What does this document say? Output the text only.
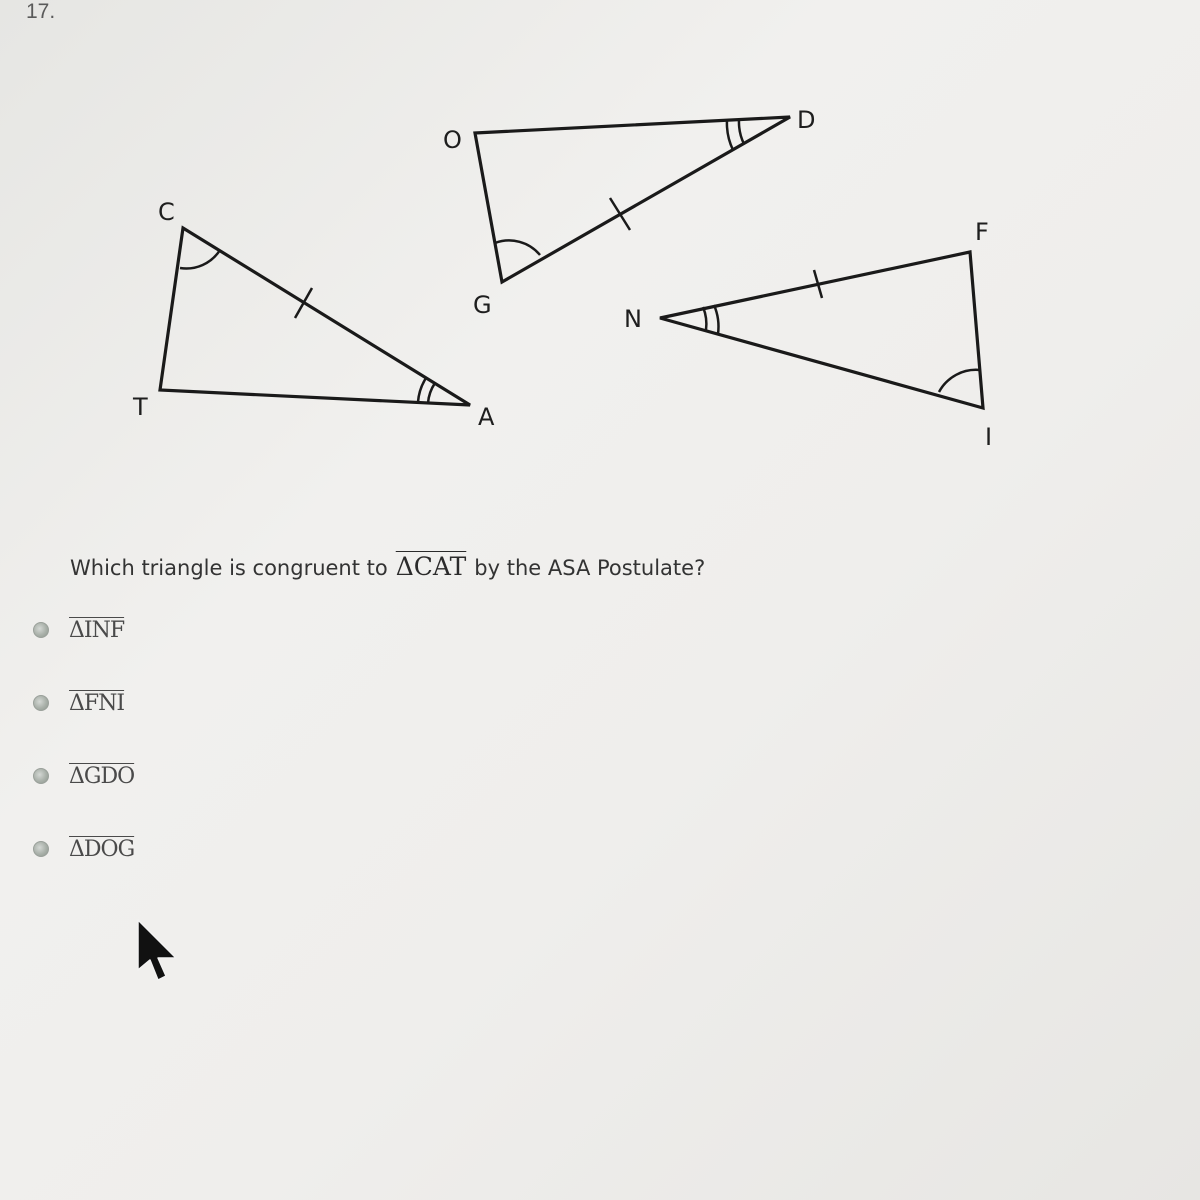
17.
C
A
T
O
D
G	N
F
I
Which triangle is congruent to ΔCAT by the ASA Postulate?
ΔINF
ΔFNI
ΔGDO
ΔDOG
